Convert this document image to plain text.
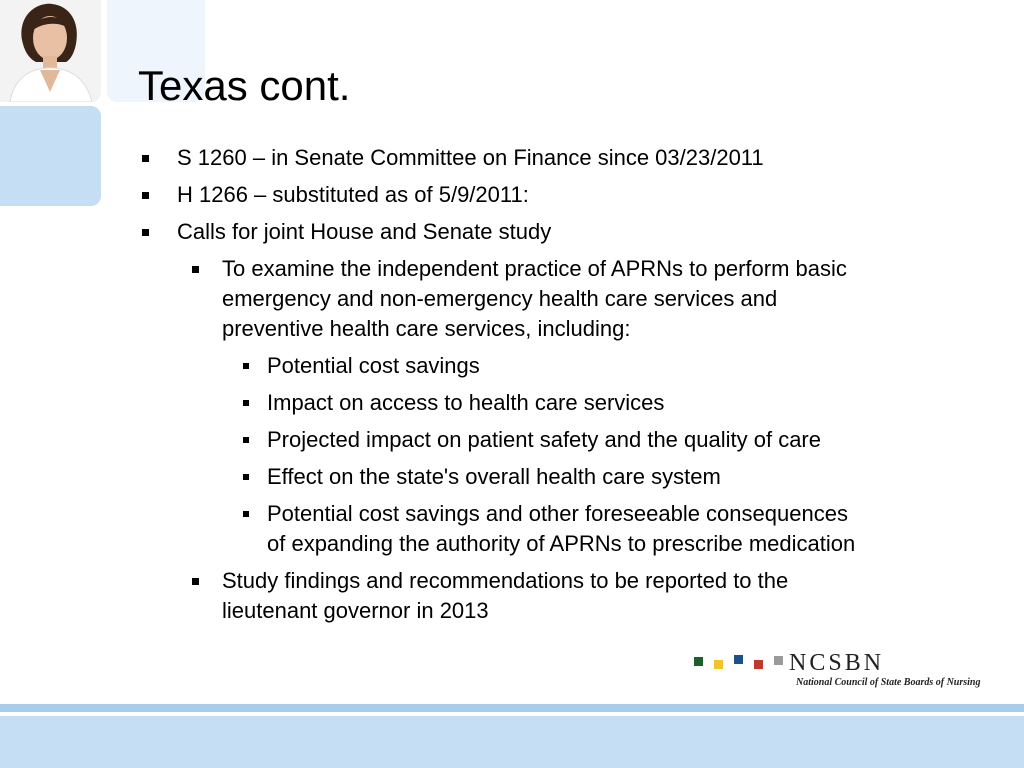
Texas cont.
S 1260 – in Senate Committee on Finance since 03/23/2011
H 1266 – substituted as of 5/9/2011:
Calls for joint House and Senate study
To examine the independent practice of APRNs to perform basic
emergency and non-emergency health care services and
preventive health care services, including:
Potential cost savings
Impact on access to health care services
Projected impact on patient safety and the quality of care
Effect on the state's overall health care system
Potential cost savings and other foreseeable consequences
of expanding the authority of APRNs to prescribe medication
Study findings and recommendations to be reported to the
lieutenant governor in 2013
NCSBN
National Council of State Boards of Nursing
